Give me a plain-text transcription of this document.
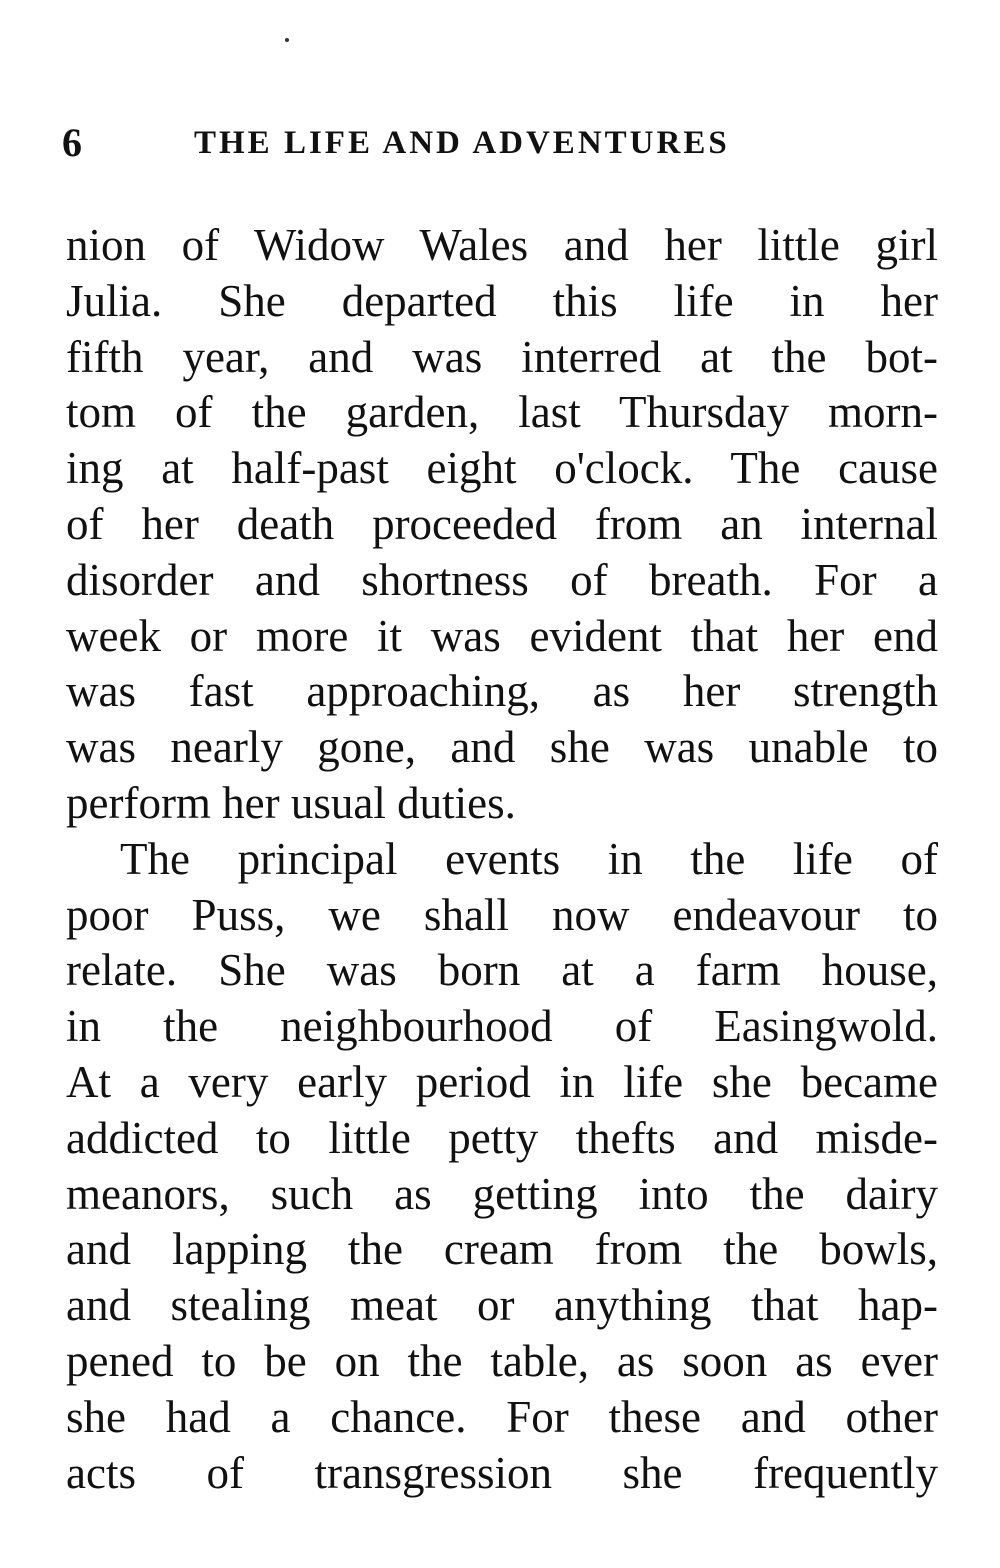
6	THE LIFE AND ADVENTURES
nion of Widow Wales and her little girl
Julia. She departed this life in her
fifth year, and was interred at the bot-
tom of the garden, last Thursday morn-
ing at half-past eight o'clock. The cause
of her death proceeded from an internal
disorder and shortness of breath. For a
week or more it was evident that her end
was fast approaching, as her strength
was nearly gone, and she was unable to
perform her usual duties.
The principal events in the life of
poor Puss, we shall now endeavour to
relate. She was born at a farm house,
in the neighbourhood of Easingwold.
At a very early period in life she became
addicted to little petty thefts and misde-
meanors, such as getting into the dairy
and lapping the cream from the bowls,
and stealing meat or anything that hap-
pened to be on the table, as soon as ever
she had a chance. For these and other
acts of transgression she frequently
